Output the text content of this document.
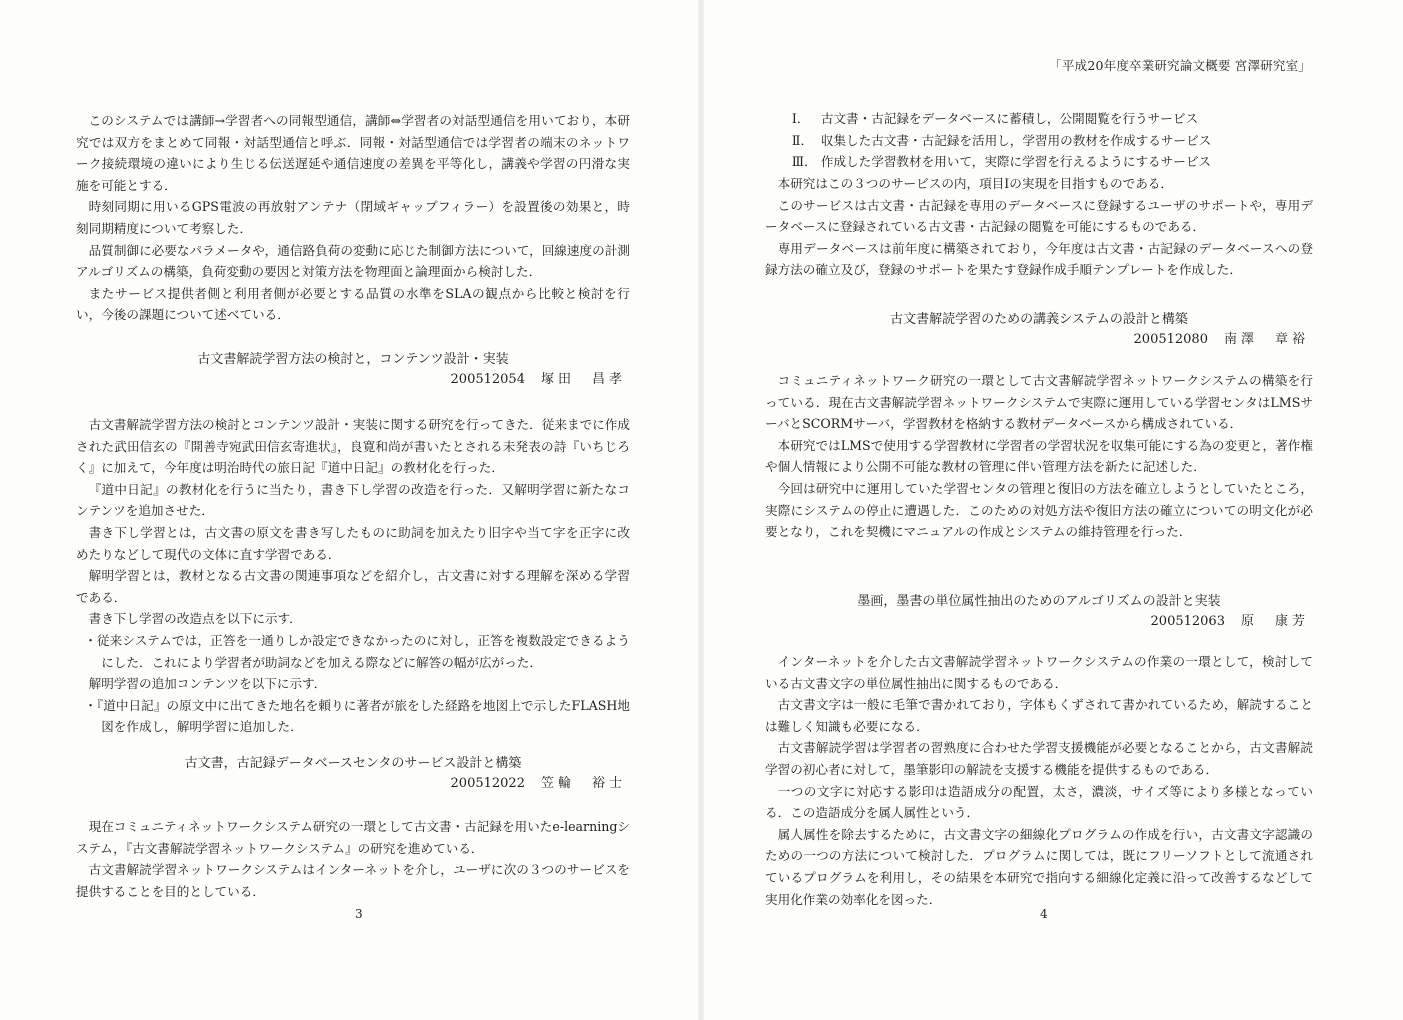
このシステムでは講師→学習者への同報型通信，講師⇔学習者の対話型通信を用いており，本研究では双方をまとめて同報・対話型通信と呼ぶ．同報・対話型通信では学習者の端末のネットワーク接続環境の違いにより生じる伝送遅延や通信速度の差異を平等化し，講義や学習の円滑な実施を可能とする．

時刻同期に用いるGPS電波の再放射アンテナ（閉域ギャップフィラー）を設置後の効果と，時刻同期精度について考察した．

品質制御に必要なパラメータや，通信路負荷の変動に応じた制御方法について，回線速度の計測アルゴリズムの構築，負荷変動の要因と対策方法を物理面と論理面から検討した．

またサービス提供者側と利用者側が必要とする品質の水準をSLAの観点から比較と検討を行い，今後の課題について述べている．

古文書解読学習方法の検討と，コンテンツ設計・実装

200512054 塚田　昌孝

古文書解読学習方法の検討とコンテンツ設計・実装に関する研究を行ってきた．従来までに作成された武田信玄の『開善寺宛武田信玄寄進状』，良寛和尚が書いたとされる未発表の詩『いちじろく』に加えて，今年度は明治時代の旅日記『道中日記』の教材化を行った．

『道中日記』の教材化を行うに当たり，書き下し学習の改造を行った．又解明学習に新たなコンテンツを追加させた．

書き下し学習とは，古文書の原文を書き写したものに助詞を加えたり旧字や当て字を正字に改めたりなどして現代の文体に直す学習である．

解明学習とは，教材となる古文書の関連事項などを紹介し，古文書に対する理解を深める学習である．

書き下し学習の改造点を以下に示す．

・従来システムでは，正答を一通りしか設定できなかったのに対し，正答を複数設定できるようにした．これにより学習者が助詞などを加える際などに解答の幅が広がった．

解明学習の追加コンテンツを以下に示す．

・『道中日記』の原文中に出てきた地名を頼りに著者が旅をした経路を地図上で示したFLASH地図を作成し，解明学習に追加した．

古文書，古記録データベースセンタのサービス設計と構築

200512022 笠輪　裕士

現在コミュニティネットワークシステム研究の一環として古文書・古記録を用いたe-learningシステム，『古文書解読学習ネットワークシステム』の研究を進めている．

古文書解読学習ネットワークシステムはインターネットを介し，ユーザに次の３つのサービスを提供することを目的としている．

3

「平成20年度卒業研究論文概要 宮澤研究室」

Ⅰ． 古文書・古記録をデータベースに蓄積し，公開閲覧を行うサービス

Ⅱ． 収集した古文書・古記録を活用し，学習用の教材を作成するサービス

Ⅲ． 作成した学習教材を用いて，実際に学習を行えるようにするサービス

本研究はこの３つのサービスの内，項目Ⅰの実現を目指すものである．

このサービスは古文書・古記録を専用のデータベースに登録するユーザのサポートや，専用データベースに登録されている古文書・古記録の閲覧を可能にするものである．

専用データベースは前年度に構築されており，今年度は古文書・古記録のデータベースへの登録方法の確立及び，登録のサポートを果たす登録作成手順テンプレートを作成した．

古文書解読学習のための講義システムの設計と構築

200512080 南澤　章裕

コミュニティネットワーク研究の一環として古文書解読学習ネットワークシステムの構築を行っている．現在古文書解読学習ネットワークシステムで実際に運用している学習センタはLMSサーバとSCORMサーバ，学習教材を格納する教材データベースから構成されている．

本研究ではLMSで使用する学習教材に学習者の学習状況を収集可能にする為の変更と，著作権や個人情報により公開不可能な教材の管理に伴い管理方法を新たに記述した．

今回は研究中に運用していた学習センタの管理と復旧の方法を確立しようとしていたところ，実際にシステムの停止に遭遇した．このための対処方法や復旧方法の確立についての明文化が必要となり，これを契機にマニュアルの作成とシステムの維持管理を行った．

墨画，墨書の単位属性抽出のためのアルゴリズムの設計と実装

200512063 原　康芳

インターネットを介した古文書解読学習ネットワークシステムの作業の一環として，検討している古文書文字の単位属性抽出に関するものである．

古文書文字は一般に毛筆で書かれており，字体もくずされて書かれているため，解読することは難しく知識も必要になる．

古文書解読学習は学習者の習熟度に合わせた学習支援機能が必要となることから，古文書解読学習の初心者に対して，墨筆影印の解読を支援する機能を提供するものである．

一つの文字に対応する影印は造語成分の配置，太さ，濃淡，サイズ等により多様となっている．この造語成分を属人属性という．

属人属性を除去するために，古文書文字の細線化プログラムの作成を行い，古文書文字認識のための一つの方法について検討した．プログラムに関しては，既にフリーソフトとして流通されているプログラムを利用し，その結果を本研究で指向する細線化定義に沿って改善するなどして実用化作業の効率化を図った．

4
